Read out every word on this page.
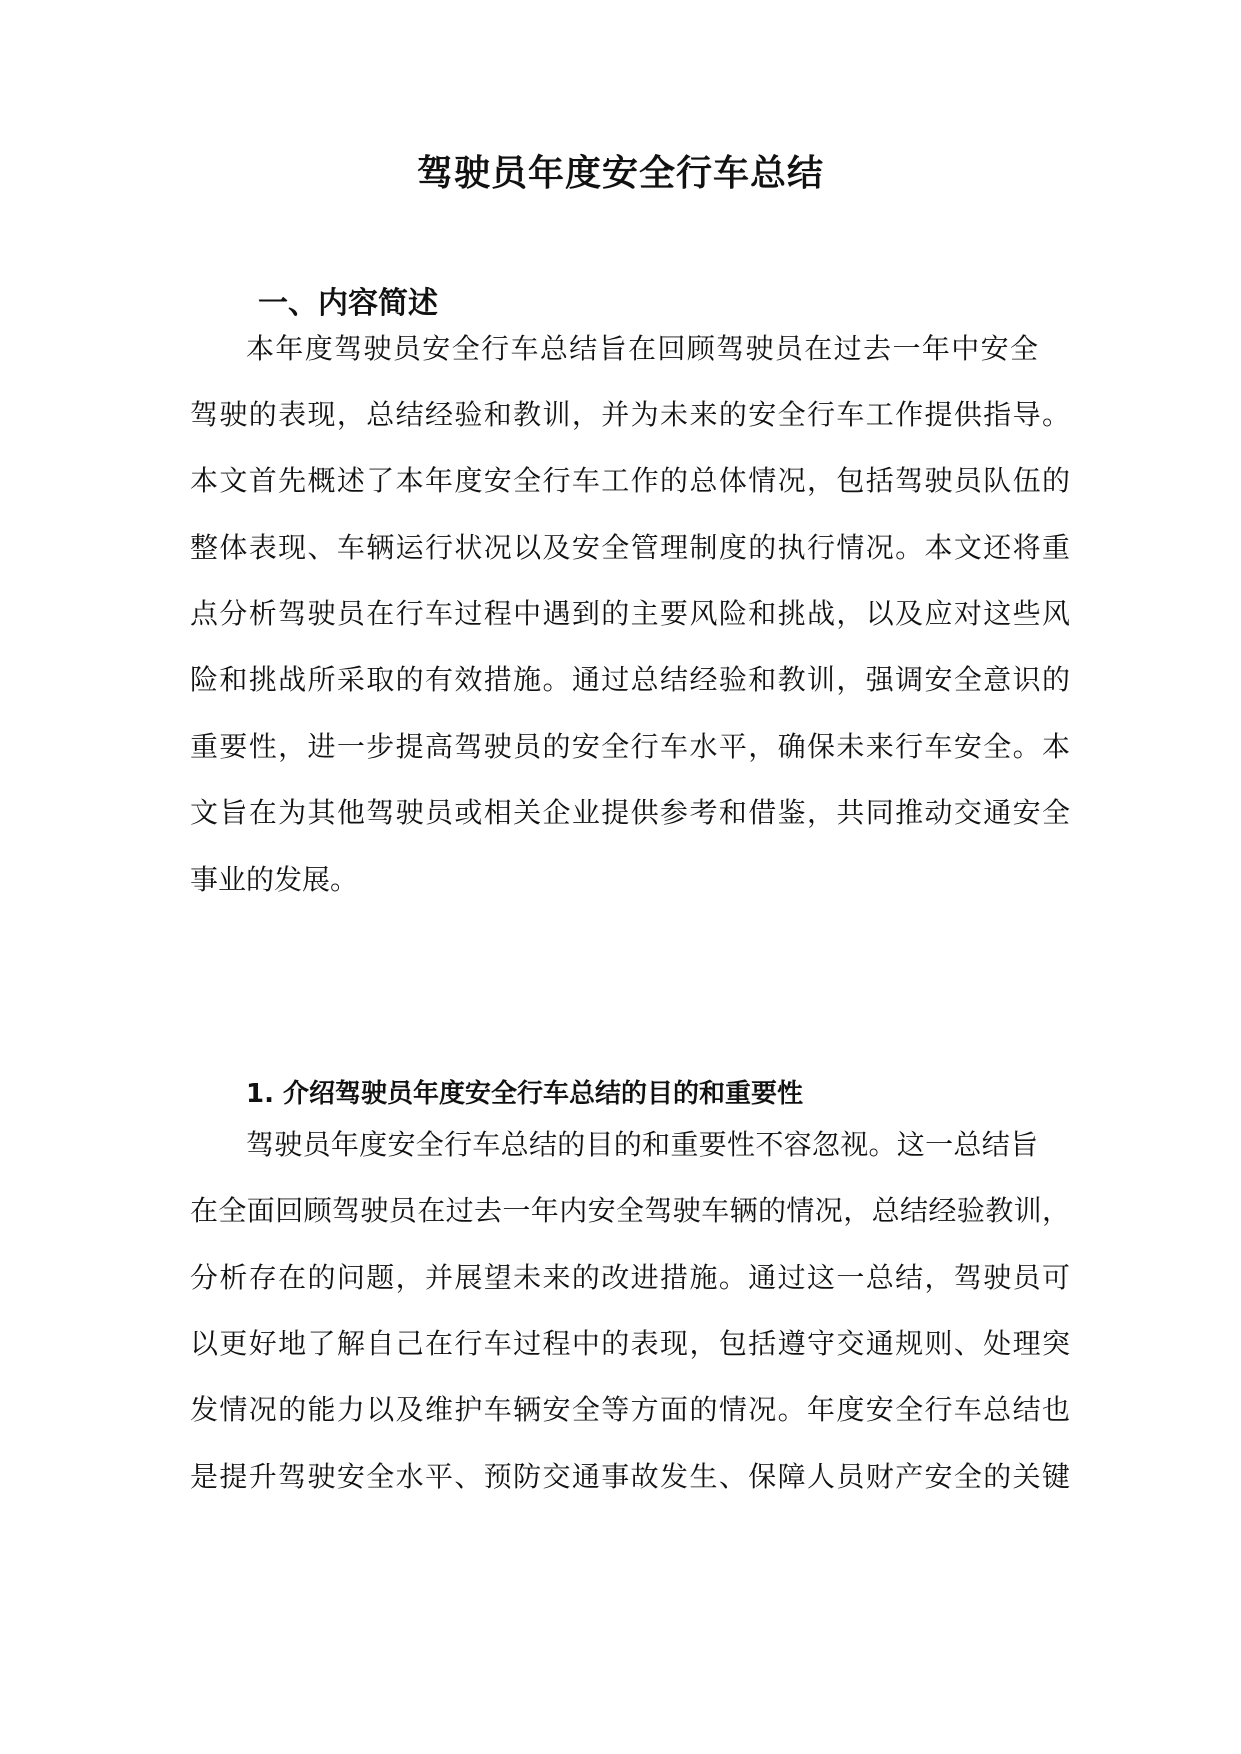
驾驶员年度安全行车总结
一、内容简述

本年度驾驶员安全行车总结旨在回顾驾驶员在过去一年中安全

驾驶的表现，总结经验和教训，并为未来的安全行车工作提供指导。

本文首先概述了本年度安全行车工作的总体情况，包括驾驶员队伍的

整体表现、车辆运行状况以及安全管理制度的执行情况。本文还将重

点分析驾驶员在行车过程中遇到的主要风险和挑战，以及应对这些风

险和挑战所采取的有效措施。通过总结经验和教训，强调安全意识的

重要性，进一步提高驾驶员的安全行车水平，确保未来行车安全。本

文旨在为其他驾驶员或相关企业提供参考和借鉴，共同推动交通安全

事业的发展。

1. 介绍驾驶员年度安全行车总结的目的和重要性

驾驶员年度安全行车总结的目的和重要性不容忽视。这一总结旨

在全面回顾驾驶员在过去一年内安全驾驶车辆的情况，总结经验教训，

分析存在的问题，并展望未来的改进措施。通过这一总结，驾驶员可

以更好地了解自己在行车过程中的表现，包括遵守交通规则、处理突

发情况的能力以及维护车辆安全等方面的情况。年度安全行车总结也

是提升驾驶安全水平、预防交通事故发生、保障人员财产安全的关键
